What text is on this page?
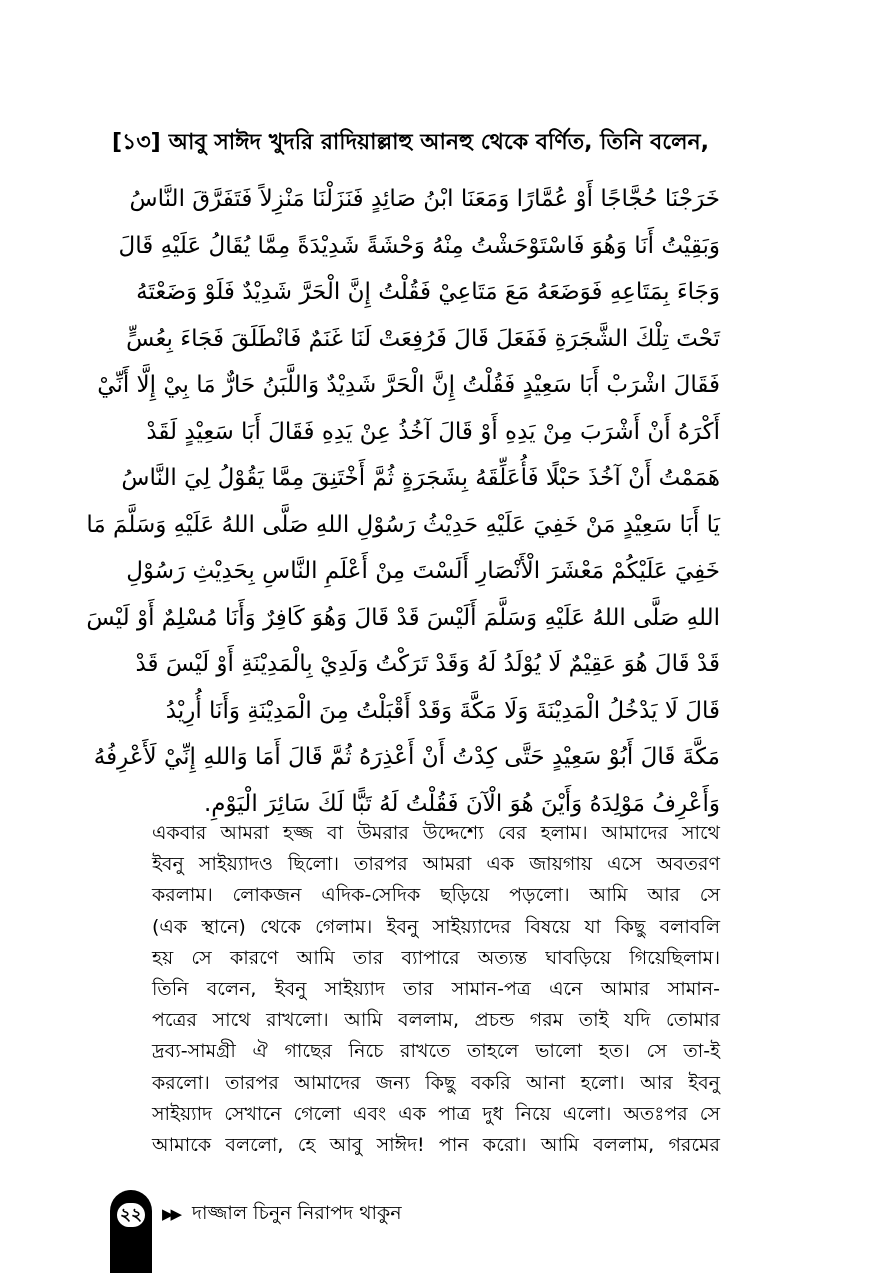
[১৩] আবু সাঈদ খুদরি রাদিয়াল্লাহু আনহু থেকে বর্ণিত, তিনি বলেন,
خَرَجْنَا حُجَّاجًا أَوْ عُمَّارًا وَمَعَنَا ابْنُ صَائِدٍ فَنَزَلْنَا مَنْزِلاً فَتَفَرَّقَ النَّاسُ
وَبَقِيْتُ أَنَا وَهُوَ فَاسْتَوْحَشْتُ مِنْهُ وَحْشَةً شَدِيْدَةً مِمَّا يُقَالُ عَلَيْهِ قَالَ
وَجَاءَ بِمَتَاعِهِ فَوَضَعَهُ مَعَ مَتَاعِيْ فَقُلْتُ إِنَّ الْحَرَّ شَدِيْدٌ فَلَوْ وَضَعْتَهُ
تَحْتَ تِلْكَ الشَّجَرَةِ فَفَعَلَ قَالَ فَرُفِعَتْ لَنَا غَنَمٌ فَانْطَلَقَ فَجَاءَ بِعُسٍّ
فَقَالَ اشْرَبْ أَبَا سَعِيْدٍ فَقُلْتُ إِنَّ الْحَرَّ شَدِيْدٌ وَاللَّبَنُ حَارٌّ مَا بِيْ إِلَّا أَنِّيْ
أَكْرَهُ أَنْ أَشْرَبَ مِنْ يَدِهِ أَوْ قَالَ آخُذُ عِنْ يَدِهِ فَقَالَ أَبَا سَعِيْدٍ لَقَدْ
هَمَمْتُ أَنْ آخُذَ حَبْلًا فَأُعَلِّقَهُ بِشَجَرَةٍ ثُمَّ أَخْتَنِقَ مِمَّا يَقُوْلُ لِيَ النَّاسُ
يَا أَبَا سَعِيْدٍ مَنْ خَفِيَ عَلَيْهِ حَدِيْثُ رَسُوْلِ اللهِ صَلَّى اللهُ عَلَيْهِ وَسَلَّمَ مَا
خَفِيَ عَلَيْكُمْ مَعْشَرَ الْأَنْصَارِ أَلَسْتَ مِنْ أَعْلَمِ النَّاسِ بِحَدِيْثِ رَسُوْلِ
اللهِ صَلَّى اللهُ عَلَيْهِ وَسَلَّمَ أَلَيْسَ قَدْ قَالَ وَهُوَ كَافِرٌ وَأَنَا مُسْلِمٌ أَوْ لَيْسَ
قَدْ قَالَ هُوَ عَقِيْمٌ لَا يُوْلَدُ لَهُ وَقَدْ تَرَكْتُ وَلَدِيْ بِالْمَدِيْنَةِ أَوْ لَيْسَ قَدْ
قَالَ لَا يَدْخُلُ الْمَدِيْنَةَ وَلَا مَكَّةَ وَقَدْ أَقْبَلْتُ مِنَ الْمَدِيْنَةِ وَأَنَا أُرِيْدُ
مَكَّةَ قَالَ أَبُوْ سَعِيْدٍ حَتَّى كِدْتُ أَنْ أَعْذِرَهُ ثُمَّ قَالَ أَمَا وَاللهِ إِنِّيْ لَأَعْرِفُهُ
وَأَعْرِفُ مَوْلِدَهُ وَأَيْنَ هُوَ الْآنَ فَقُلْتُ لَهُ تَبًّا لَكَ سَائِرَ الْيَوْمِ.
একবার আমরা হজ্জ বা উমরার উদ্দেশ্যে বের হলাম। আমাদের সাথে
ইবনু সাইয়্যাদও ছিলো। তারপর আমরা এক জায়গায় এসে অবতরণ
করলাম। লোকজন এদিক-সেদিক ছড়িয়ে পড়লো। আমি আর সে
(এক স্থানে) থেকে গেলাম। ইবনু সাইয়্যাদের বিষয়ে যা কিছু বলাবলি
হয় সে কারণে আমি তার ব্যাপারে অত্যন্ত ঘাবড়িয়ে গিয়েছিলাম।
তিনি বলেন, ইবনু সাইয়্যাদ তার সামান-পত্র এনে আমার সামান-
পত্রের সাথে রাখলো। আমি বললাম, প্রচন্ড গরম তাই যদি তোমার
দ্রব্য-সামগ্রী ঐ গাছের নিচে রাখতে তাহলে ভালো হত। সে তা-ই
করলো। তারপর আমাদের জন্য কিছু বকরি আনা হলো। আর ইবনু
সাইয়্যাদ সেখানে গেলো এবং এক পাত্র দুধ নিয়ে এলো। অতঃপর সে
আমাকে বললো, হে আবু সাঈদ! পান করো। আমি বললাম, গরমের
২২ ▶▶ দাজ্জাল চিনুন নিরাপদ থাকুন
